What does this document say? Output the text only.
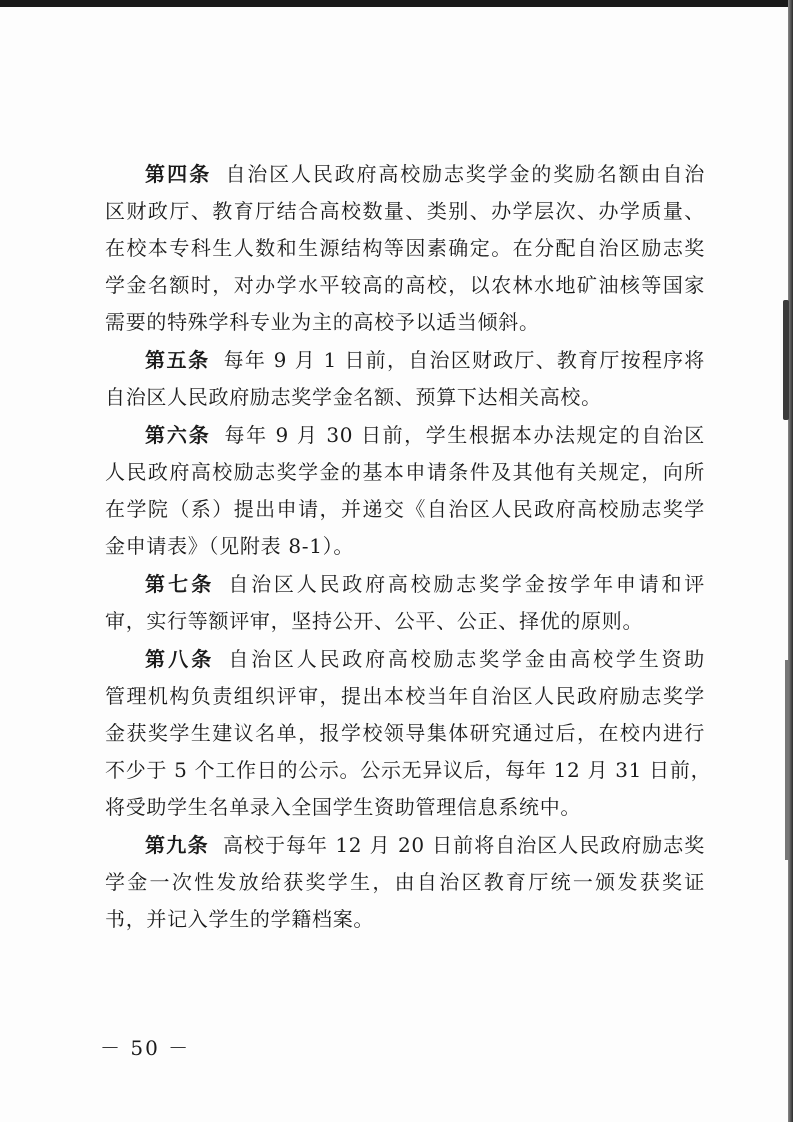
第四条 自治区人民政府高校励志奖学金的奖励名额由自治
区财政厅、教育厅结合高校数量、类别、办学层次、办学质量、
在校本专科生人数和生源结构等因素确定。在分配自治区励志奖
学金名额时，对办学水平较高的高校，以农林水地矿油核等国家
需要的特殊学科专业为主的高校予以适当倾斜。
第五条 每年 9 月 1 日前，自治区财政厅、教育厅按程序将
自治区人民政府励志奖学金名额、预算下达相关高校。
第六条 每年 9 月 30 日前，学生根据本办法规定的自治区
人民政府高校励志奖学金的基本申请条件及其他有关规定，向所
在学院（系）提出申请，并递交《自治区人民政府高校励志奖学
金申请表》（见附表 8-1）。
第七条 自治区人民政府高校励志奖学金按学年申请和评
审，实行等额评审，坚持公开、公平、公正、择优的原则。
第八条 自治区人民政府高校励志奖学金由高校学生资助
管理机构负责组织评审，提出本校当年自治区人民政府励志奖学
金获奖学生建议名单，报学校领导集体研究通过后，在校内进行
不少于 5 个工作日的公示。公示无异议后，每年 12 月 31 日前，
将受助学生名单录入全国学生资助管理信息系统中。
第九条 高校于每年 12 月 20 日前将自治区人民政府励志奖
学金一次性发放给获奖学生，由自治区教育厅统一颁发获奖证
书，并记入学生的学籍档案。
－ 50 －
